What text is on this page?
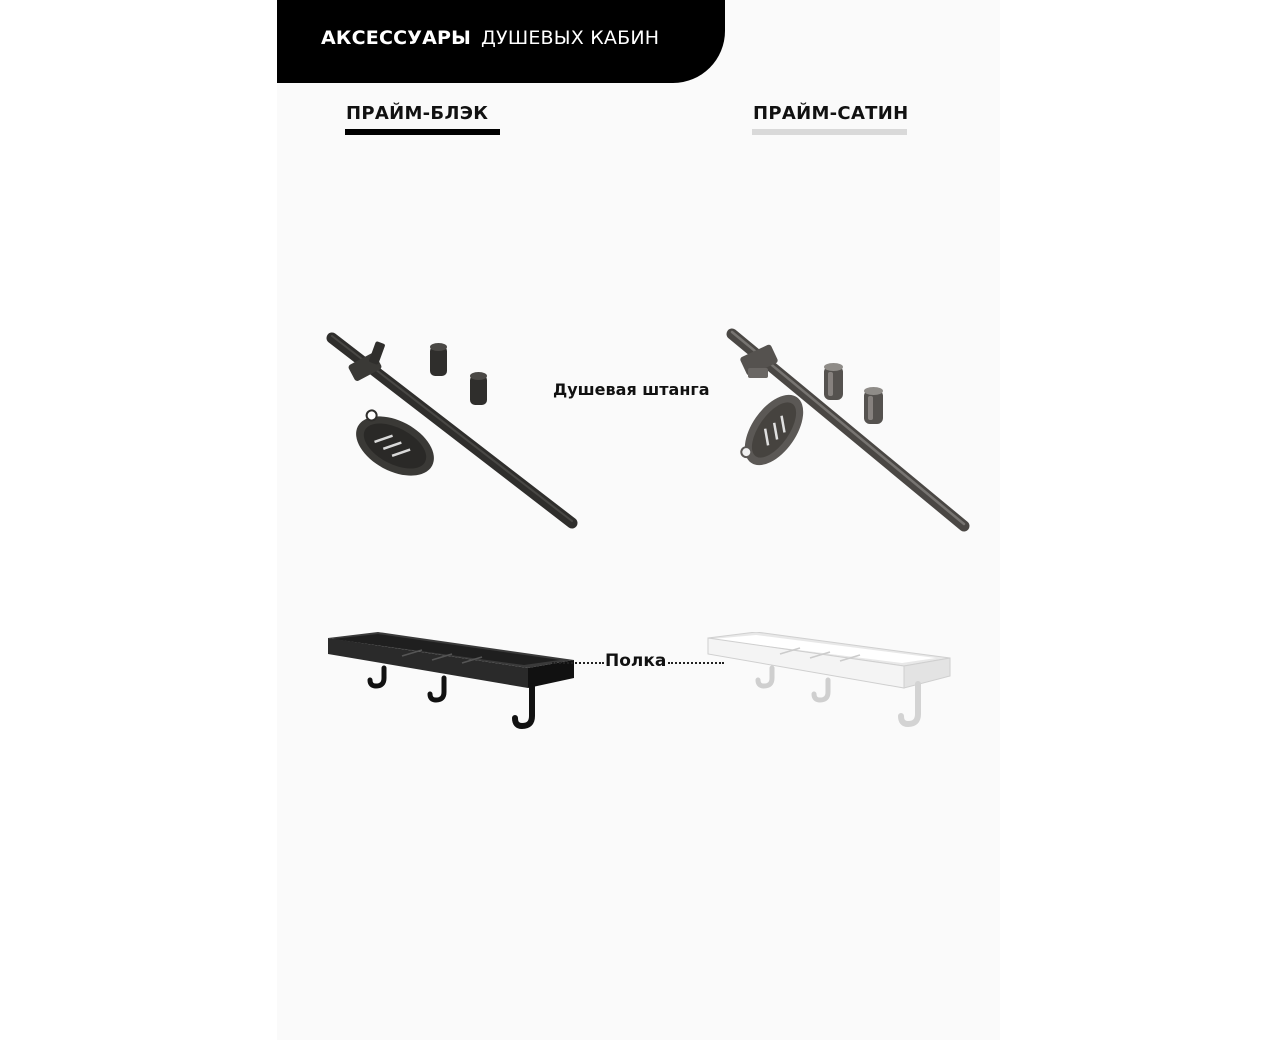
АКСЕССУАРЫ ДУШЕВЫХ КАБИН
ПРАЙМ-БЛЭК	ПРАЙМ-САТИН
Душевая штанга
Полка
